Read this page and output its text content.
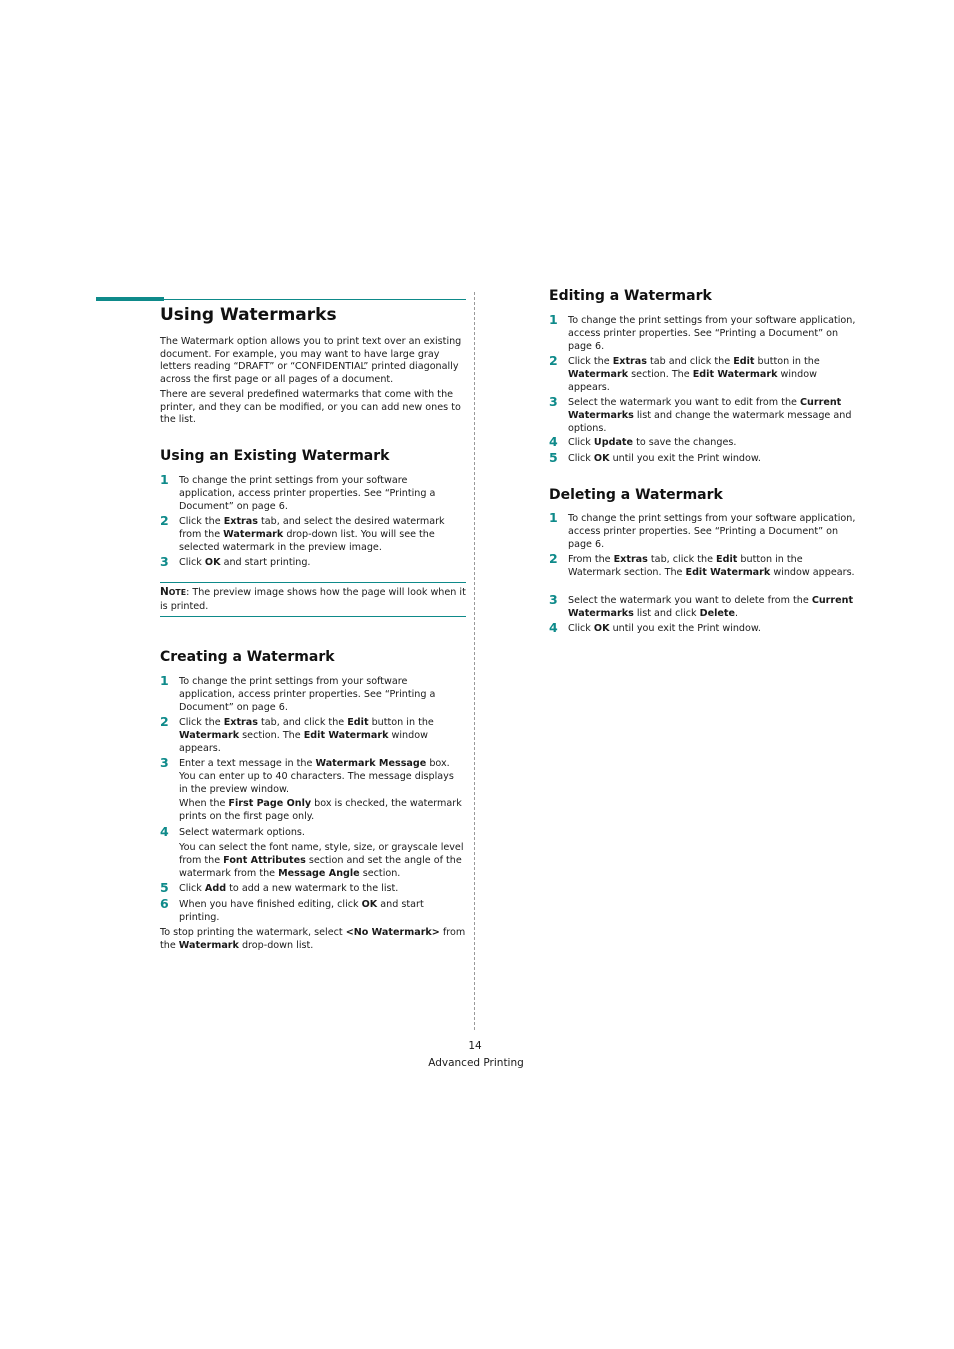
Using Watermarks

The Watermark option allows you to print text over an existing document. For example, you may want to have large gray letters reading “DRAFT” or “CONFIDENTIAL” printed diagonally across the first page or all pages of a document.

There are several predefined watermarks that come with the printer, and they can be modified, or you can add new ones to the list.

Using an Existing Watermark
1 To change the print settings from your software application, access printer properties. See “Printing a Document” on page 6.
2 Click the Extras tab, and select the desired watermark from the Watermark drop-down list. You will see the selected watermark in the preview image.
3 Click OK and start printing.
NOTE: The preview image shows how the page will look when it is printed.
Creating a Watermark
1 To change the print settings from your software application, access printer properties. See “Printing a Document” on page 6.
2 Click the Extras tab, and click the Edit button in the Watermark section. The Edit Watermark window appears.
3 Enter a text message in the Watermark Message box. You can enter up to 40 characters. The message displays in the preview window.
4 Select watermark options.
5 Click Add to add a new watermark to the list.
6 When you have finished editing, click OK and start printing.
When the First Page Only box is checked, the watermark prints on the first page only.
You can select the font name, style, size, or grayscale level from the Font Attributes section and set the angle of the watermark from the Message Angle section.
To stop printing the watermark, select <No Watermark> from the Watermark drop-down list.
Editing a Watermark
1 To change the print settings from your software application, access printer properties. See “Printing a Document” on page 6.
2 Click the Extras tab and click the Edit button in the Watermark section. The Edit Watermark window appears.
3 Select the watermark you want to edit from the Current Watermarks list and change the watermark message and options.
4 Click Update to save the changes.
5 Click OK until you exit the Print window.
Deleting a Watermark
1 To change the print settings from your software application, access printer properties. See “Printing a Document” on page 6.
2 From the Extras tab, click the Edit button in the Watermark section. The Edit Watermark window appears.
3 Select the watermark you want to delete from the Current Watermarks list and click Delete.
4 Click OK until you exit the Print window.
14
Advanced Printing
